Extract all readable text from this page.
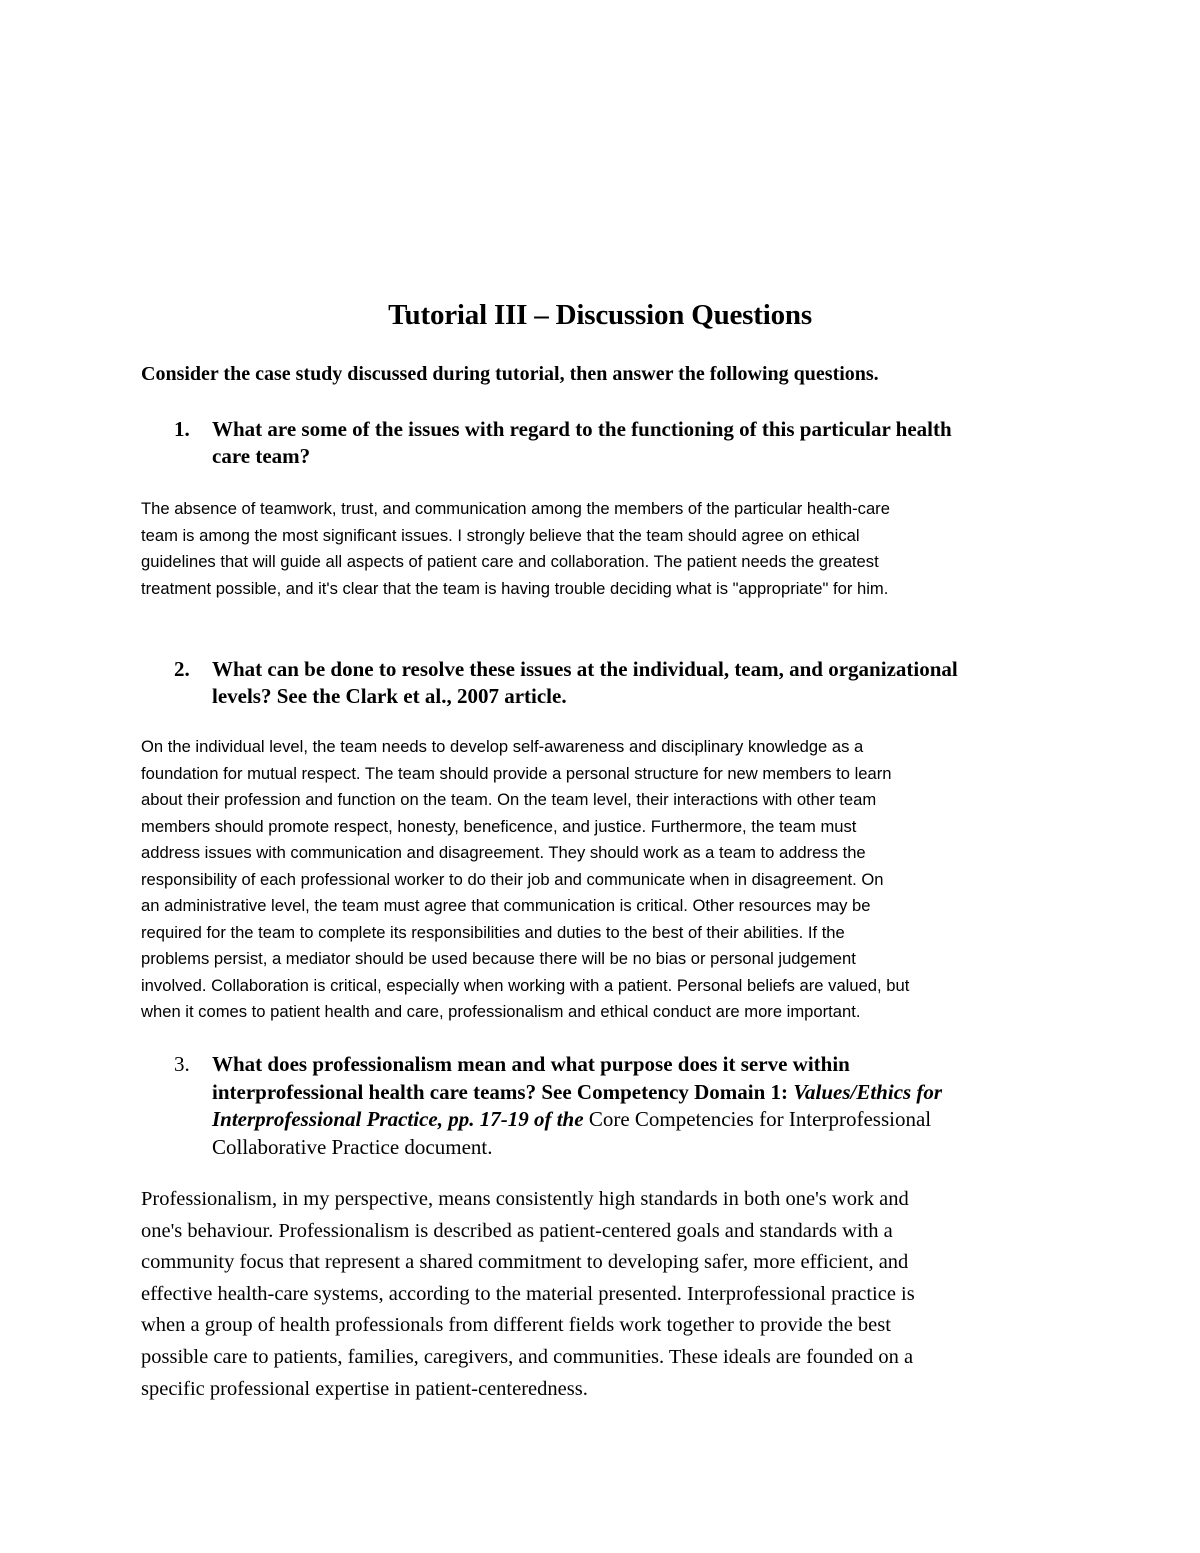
Tutorial III – Discussion Questions
Consider the case study discussed during tutorial, then answer the following questions.
1. What are some of the issues with regard to the functioning of this particular health
care team?
The absence of teamwork, trust, and communication among the members of the particular health-care
team is among the most significant issues. I strongly believe that the team should agree on ethical
guidelines that will guide all aspects of patient care and collaboration. The patient needs the greatest
treatment possible, and it's clear that the team is having trouble deciding what is "appropriate" for him.
2. What can be done to resolve these issues at the individual, team, and organizational
levels? See the Clark et al., 2007 article.
On the individual level, the team needs to develop self-awareness and disciplinary knowledge as a
foundation for mutual respect. The team should provide a personal structure for new members to learn
about their profession and function on the team. On the team level, their interactions with other team
members should promote respect, honesty, beneficence, and justice. Furthermore, the team must
address issues with communication and disagreement. They should work as a team to address the
responsibility of each professional worker to do their job and communicate when in disagreement. On
an administrative level, the team must agree that communication is critical. Other resources may be
required for the team to complete its responsibilities and duties to the best of their abilities. If the
problems persist, a mediator should be used because there will be no bias or personal judgement
involved. Collaboration is critical, especially when working with a patient. Personal beliefs are valued, but
when it comes to patient health and care, professionalism and ethical conduct are more important.
3. What does professionalism mean and what purpose does it serve within
interprofessional health care teams? See Competency Domain 1: Values/Ethics for
Interprofessional Practice, pp. 17-19 of the Core Competencies for Interprofessional
Collaborative Practice document.
Professionalism, in my perspective, means consistently high standards in both one's work and
one's behaviour. Professionalism is described as patient-centered goals and standards with a
community focus that represent a shared commitment to developing safer, more efficient, and
effective health-care systems, according to the material presented. Interprofessional practice is
when a group of health professionals from different fields work together to provide the best
possible care to patients, families, caregivers, and communities. These ideals are founded on a
specific professional expertise in patient-centeredness.
